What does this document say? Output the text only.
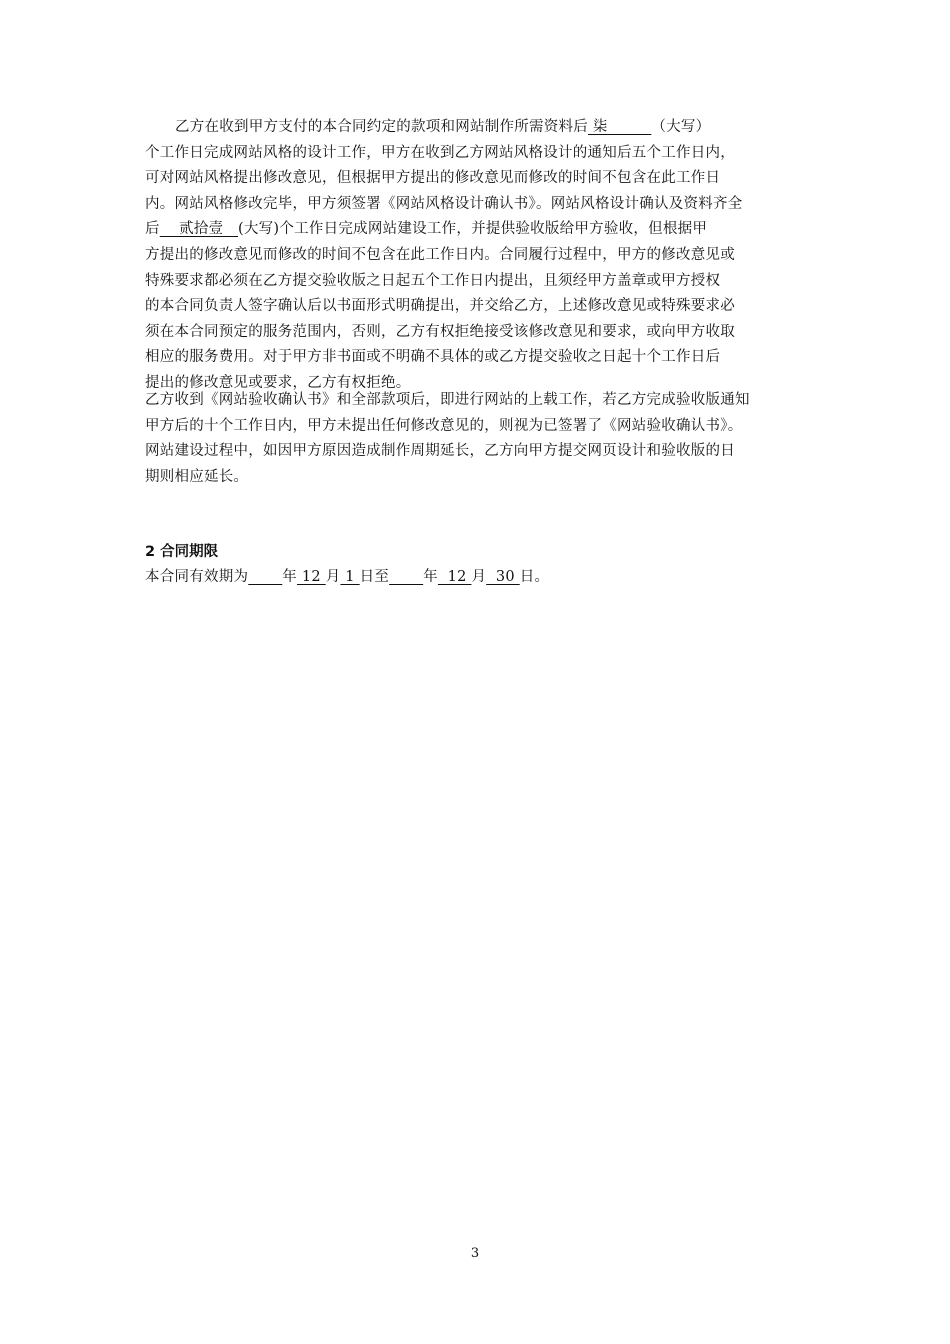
乙方在收到甲方支付的本合同约定的款项和网站制作所需资料后 柒         （大写）
个工作日完成网站风格的设计工作，甲方在收到乙方网站风格设计的通知后五个工作日内，
可对网站风格提出修改意见，但根据甲方提出的修改意见而修改的时间不包含在此工作日
内。网站风格修改完毕，甲方须签署《网站风格设计确认书》。网站风格设计确认及资料齐全
后    贰拾壹   (大写)个工作日完成网站建设工作，并提供验收版给甲方验收，但根据甲
方提出的修改意见而修改的时间不包含在此工作日内。合同履行过程中，甲方的修改意见或
特殊要求都必须在乙方提交验收版之日起五个工作日内提出，且须经甲方盖章或甲方授权
的本合同负责人签字确认后以书面形式明确提出，并交给乙方，上述修改意见或特殊要求必
须在本合同预定的服务范围内，否则，乙方有权拒绝接受该修改意见和要求，或向甲方收取
相应的服务费用。对于甲方非书面或不明确不具体的或乙方提交验收之日起十个工作日后
提出的修改意见或要求，乙方有权拒绝。
乙方收到《网站验收确认书》和全部款项后，即进行网站的上载工作，若乙方完成验收版通知
甲方后的十个工作日内，甲方未提出任何修改意见的，则视为已签署了《网站验收确认书》。
网站建设过程中，如因甲方原因造成制作周期延长，乙方向甲方提交网页设计和验收版的日
期则相应延长。
2 合同期限
本合同有效期为 年 12 月 1 日至 年  12 月  30 日。
3
